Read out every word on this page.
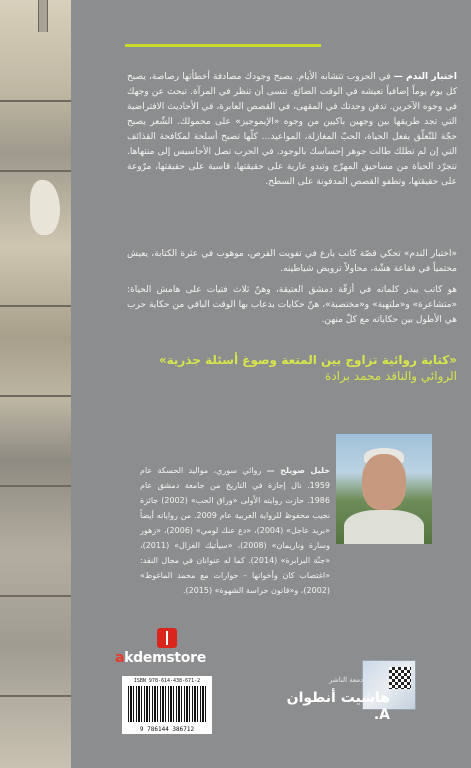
اختبار الندم — في الحروب تتشابه الأيام. يصبح وجودك مصادفة أخطأتها رصاصة، يصبح كل يوم يوماً إضافياً تعيشه في الوقت الضائع. تنسى أن تنظر في المرآة. تبحث عن وجهك في وجوه الآخرين. تدفن وحدتك في المقهى، في القصص العابرة، في الأحاديث الافتراضية التي تجد طريقها بين وجهين باكيين من وجوه «الإيموجيز» على محمولك. الشّعر يصبح حجّة للتّعلّق بفعل الحياة، الحبّ المغازلة، المواعيد… كلّها تصبح أسلحة لمكافحة القذائف التي إن لم تطلك طالت جوهر إحساسك بالوجود. في الحرب تصل الأحاسيس إلى منتهاها. تتجرّد الحياة من مساحيق المهرّج وتبدو عارية على حقيقتها، قاسية على حقيقتها، مرّوعة على حقيقتها، وتطفو القصص المدفونة على السطح.
«اختبار الندم» تحكي قصّة كاتب بارع في تفويت الفرص، موهوب في عثرة الكتابة، يعيش محتمياً في فقاعة هشّة، محاولاً ترويض شياطينه.
هو كاتب يبذر كلماته في أزقّة دمشق العتيقة، وهنّ ثلاث فتيات على هامش الحياة: «متشاعرة» و«ملتهبة» و«مختصبة»، هنّ حكايات بدعاب بها الوقت الباقي من حكاية حرب هي الأطول بين حكاياته مع كلّ منهن.
«كتابة روائية تزاوج بين المتعة وصوغ أسئلة جذرية»
الروائي والناقد محمد برادة
خليل صويلح — روائي سوري، مواليد الحسكة عام 1959. نال إجازة في التاريخ من جامعة دمشق عام 1986. حازت روايته الأولى «وراق الحب» (2002) جائزة نجيب محفوظ للرواية العربية عام 2009. من رواياته أيضاً «بريد عاجل» (2004)، «دع عنك لومي» (2006)، «زهور وسارة وناريمان» (2008)، «سيأتيك الغزال» (2011)، «جنّة البرابرة» (2014). كما له عنوانان في مجال النقد: «اغتصاب كان وأخواتها – حوارات مع محمد الماغوط» (2002)، و«قانون حراسة الشهوة» (2015).
akdemstore
ISBN 978-614-438-671-2
9 786144 386712
توزّع في دمعة الناشر
هاشيت أنطوان A.
